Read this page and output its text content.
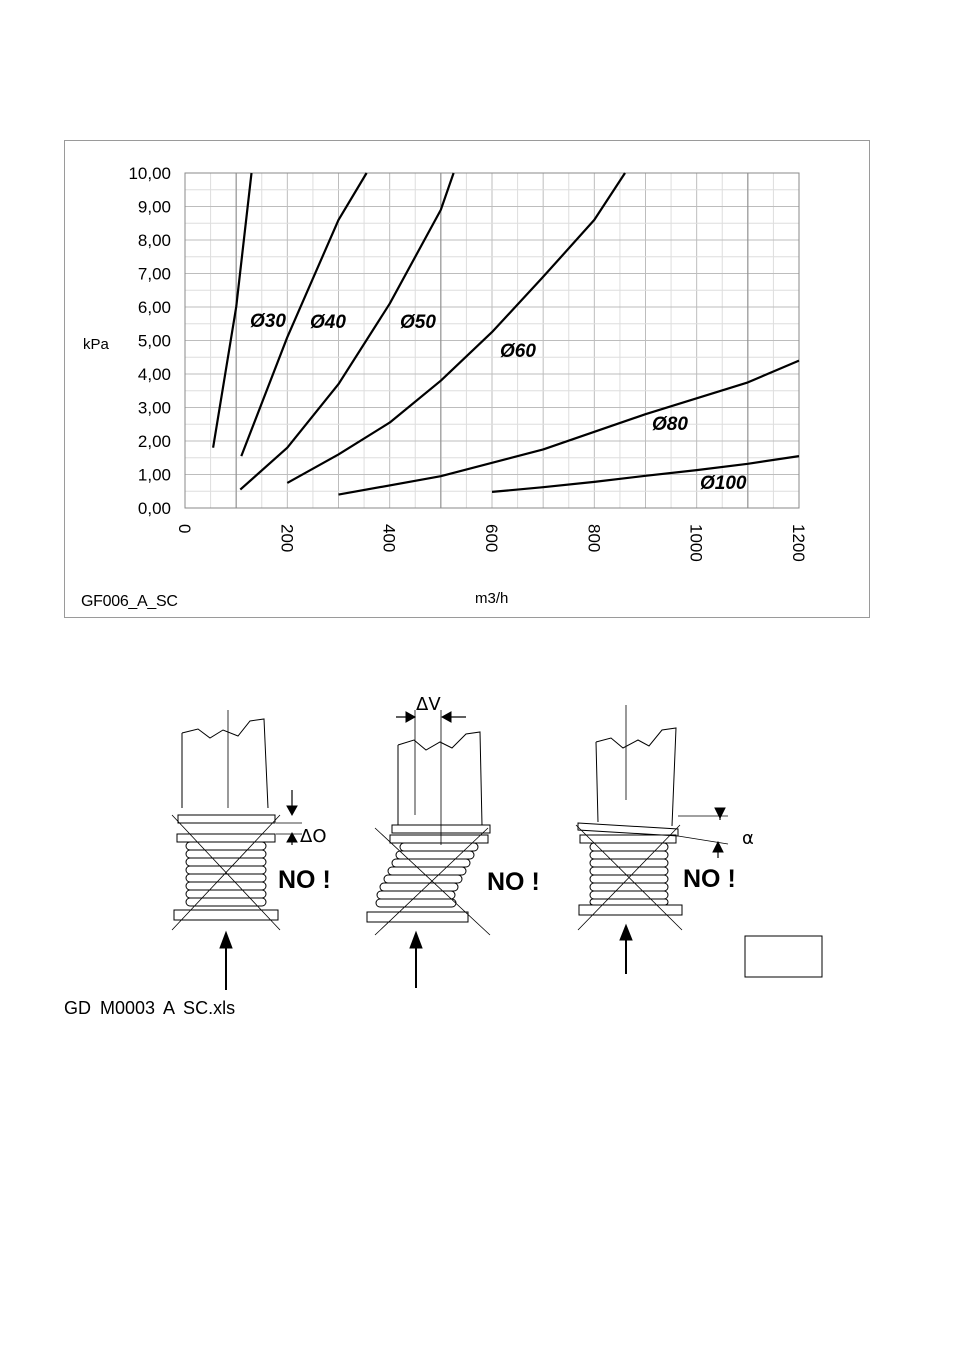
0,00
1,00
2,00
3,00
4,00
5,00
6,00
7,00
8,00
9,00
10,00
0	200	400	600	800	1000	1200
kPa
m3/h
Ø30 Ø40	Ø50
Ø60
Ø80
Ø100
GF006_A_SC
ΔO
NO !
ΔV
NO !
α
NO !
GD M0003 A SC.xls
